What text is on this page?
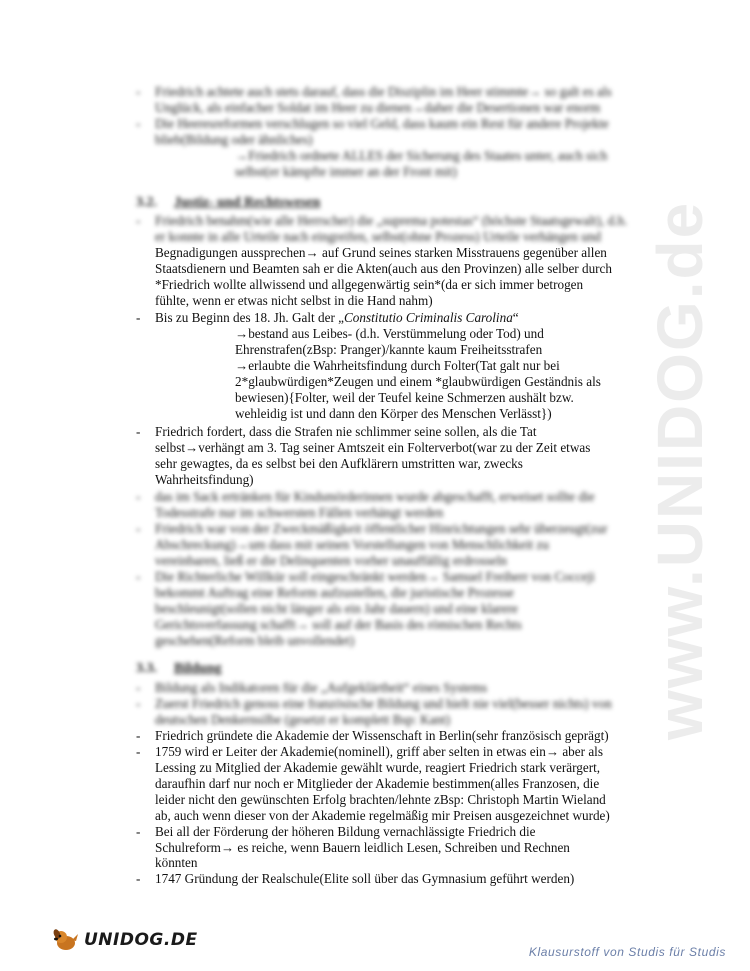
www.UNIDOG.de
- Friedrich achtete auch stets darauf, dass die Disziplin im Heer stimmte→ so galt es als
Unglück, als einfacher Soldat im Heer zu dienen→daher die Desertionen war enorm
- Die Heeresreformen verschlugen so viel Geld, dass kaum ein Rest für andere Projekte
blieb(Bildung oder ähnliches)
→Friedrich ordnete ALLES der Sicherung des Staates unter, auch sich
selbst(er kämpfte immer an der Front mit)
3.2. Justiz- und Rechtswesen
- Friedrich benahm(wie alle Herrscher) die „suprema potestas“ (höchste Staatsgewalt), d.h.
er konnte in alle Urteile nach eingreifen, selbst(ohne Prozess) Urteile verhängen und
Begnadigungen aussprechen→ auf Grund seines starken Misstrauens gegenüber allen
Staatsdienern und Beamten sah er die Akten(auch aus den Provinzen) alle selber durch
*Friedrich wollte allwissend und allgegenwärtig sein*(da er sich immer betrogen
fühlte, wenn er etwas nicht selbst in die Hand nahm)
- Bis zu Beginn des 18. Jh. Galt der „Constitutio Criminalis Carolina“
→bestand aus Leibes- (d.h. Verstümmelung oder Tod) und
Ehrenstrafen(zBsp: Pranger)/kannte kaum Freiheitsstrafen
→erlaubte die Wahrheitsfindung durch Folter(Tat galt nur bei
2*glaubwürdigen*Zeugen und einem *glaubwürdigen Geständnis als
bewiesen){Folter, weil der Teufel keine Schmerzen aushält bzw.
wehleidig ist und dann den Körper des Menschen Verlässt})
- Friedrich fordert, dass die Strafen nie schlimmer seine sollen, als die Tat
selbst→verhängt am 3. Tag seiner Amtszeit ein Folterverbot(war zu der Zeit etwas
sehr gewagtes, da es selbst bei den Aufklärern umstritten war, zwecks
Wahrheitsfindung)
- das im Sack ertränken für Kindsmörderinnen wurde abgeschafft, erweiset sollte die
Todesstrafe nur im schwersten Fällen verhängt werden
- Friedrich war von der Zweckmäßigkeit öffentlicher Hinrichtungen sehr überzeugt(zur
Abschreckung)→um dass mit seinen Vorstellungen von Menschlichkeit zu
vereinbaren, ließ er die Delinquenten vorher unauffällig erdrosseln
- Die Richterliche Willkür soll eingeschränkt werden→ Samuel Freiherr von Cocceji
bekommt Auftrag eine Reform aufzustellen, die juristische Prozesse
beschleunigt(sollen nicht länger als ein Jahr dauern) und eine klarere
Gerichtsverfassung schafft→ soll auf der Basis des römischen Rechts
geschehen(Reform bleib unvollendet)
3.3. Bildung
- Bildung als Indikatoren für die „Aufgeklärtheit“ eines Systems
- Zuerst Friedrich genoss eine französische Bildung und hielt nie viel(besser nichts) von
deutschen Denkernsilbe (gesetzt er komplett Bsp: Kant)
- Friedrich gründete die Akademie der Wissenschaft in Berlin(sehr französisch geprägt)
- 1759 wird er Leiter der Akademie(nominell), griff aber selten in etwas ein→ aber als
Lessing zu Mitglied der Akademie gewählt wurde, reagiert Friedrich stark verärgert,
daraufhin darf nur noch er Mitglieder der Akademie bestimmen(alles Franzosen, die
leider nicht den gewünschten Erfolg brachten/lehnte zBsp: Christoph Martin Wieland
ab, auch wenn dieser von der Akademie regelmäßig mir Preisen ausgezeichnet wurde)
- Bei all der Förderung der höheren Bildung vernachlässigte Friedrich die
Schulreform→ es reiche, wenn Bauern leidlich Lesen, Schreiben und Rechnen
könnten
- 1747 Gründung der Realschule(Elite soll über das Gymnasium geführt werden)
UNIDOG.DE
Klausurstoff von Studis für Studis
